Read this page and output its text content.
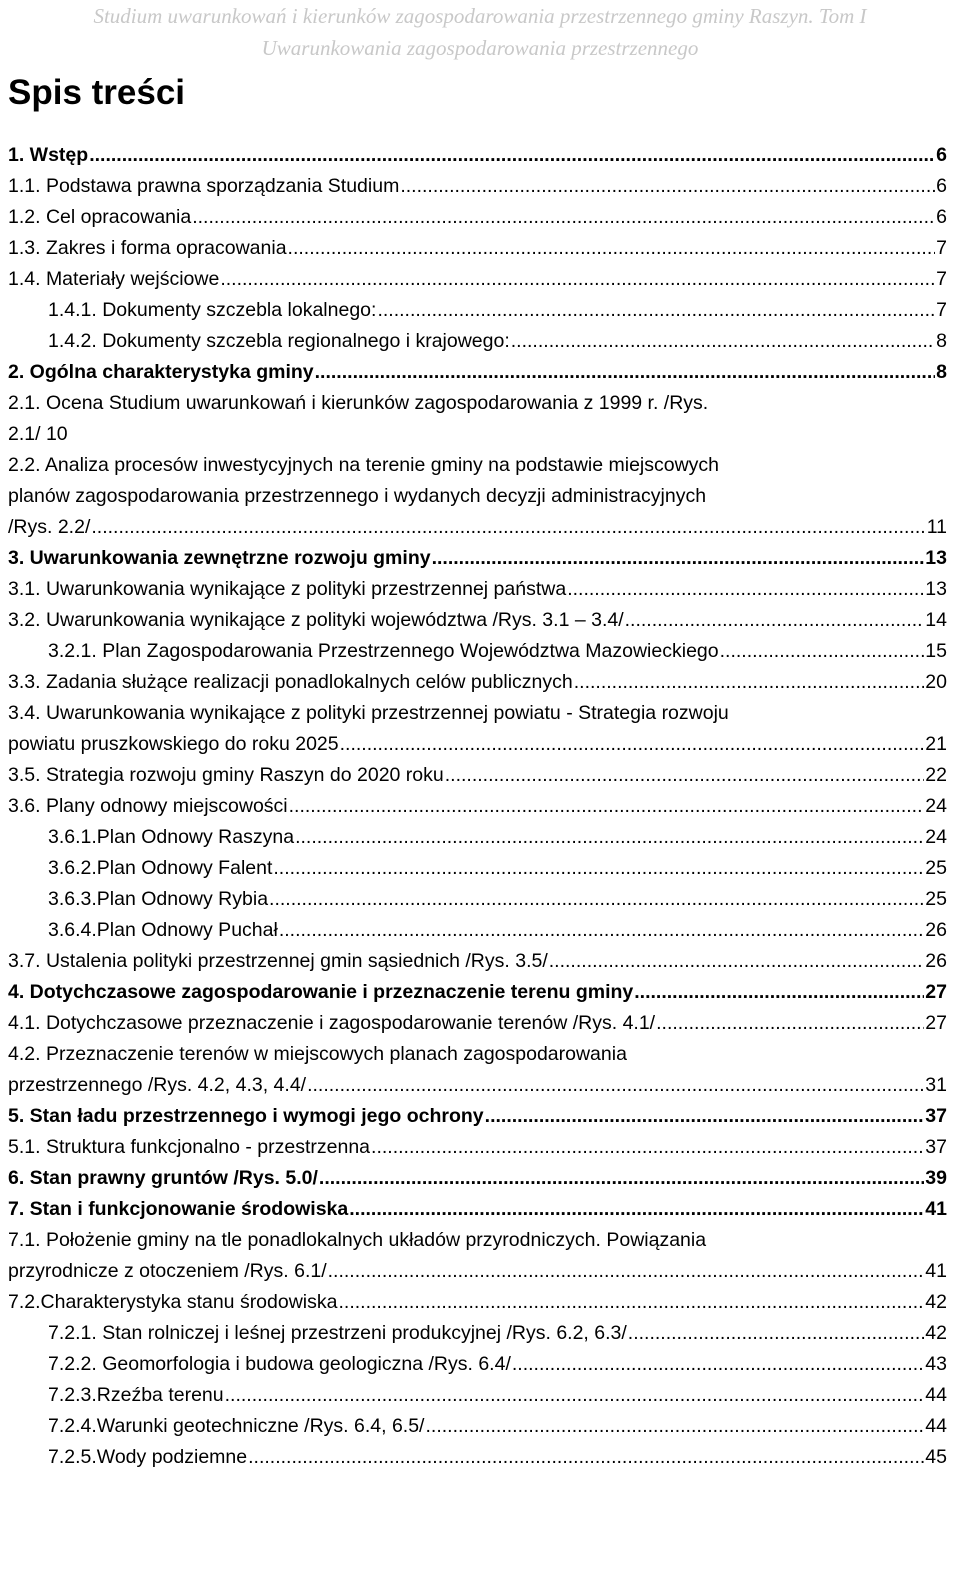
Studium uwarunkowań i kierunków zagospodarowania przestrzennego gminy Raszyn. Tom I
Uwarunkowania zagospodarowania przestrzennego
Spis treści
1. Wstęp .....	6
1.1. Podstawa prawna sporządzania Studium .....	6
1.2. Cel opracowania .....	6
1.3. Zakres i forma opracowania .....	7
1.4. Materiały wejściowe .....	7
1.4.1. Dokumenty szczebla lokalnego: .....	7
1.4.2. Dokumenty szczebla regionalnego i krajowego: .....	8
2. Ogólna charakterystyka gminy .....	8
2.1. Ocena Studium uwarunkowań i kierunków zagospodarowania z 1999 r. /Rys.
2.1/ 10
2.2. Analiza procesów inwestycyjnych na terenie gminy na podstawie miejscowych
planów zagospodarowania przestrzennego i wydanych decyzji administracyjnych
/Rys. 2.2/ .....	11
3. Uwarunkowania zewnętrzne rozwoju gminy .....	13
3.1. Uwarunkowania wynikające z polityki przestrzennej państwa .....	13
3.2. Uwarunkowania wynikające z polityki województwa /Rys. 3.1 – 3.4/ .....	14
3.2.1. Plan Zagospodarowania Przestrzennego Województwa Mazowieckiego .....	15
3.3. Zadania służące realizacji ponadlokalnych celów publicznych .....	20
3.4. Uwarunkowania wynikające z polityki przestrzennej powiatu - Strategia rozwoju
powiatu pruszkowskiego do roku 2025 .....	21
3.5. Strategia rozwoju gminy Raszyn do 2020 roku .....	22
3.6. Plany odnowy miejscowości .....	24
3.6.1.Plan Odnowy Raszyna .....	24
3.6.2.Plan Odnowy Falent .....	25
3.6.3.Plan Odnowy Rybia .....	25
3.6.4.Plan Odnowy Puchał .....	26
3.7. Ustalenia polityki przestrzennej gmin sąsiednich /Rys. 3.5/ .....	26
4. Dotychczasowe zagospodarowanie i przeznaczenie terenu gminy .....	27
4.1. Dotychczasowe przeznaczenie i zagospodarowanie terenów /Rys. 4.1/ .....	27
4.2. Przeznaczenie terenów w miejscowych planach zagospodarowania
przestrzennego /Rys. 4.2, 4.3, 4.4/ .....	31
5. Stan ładu przestrzennego i wymogi jego ochrony .....	37
5.1. Struktura funkcjonalno - przestrzenna .....	37
6. Stan prawny gruntów /Rys. 5.0/ .....	39
7. Stan i funkcjonowanie środowiska .....	41
7.1. Położenie gminy na tle ponadlokalnych układów przyrodniczych. Powiązania
przyrodnicze z otoczeniem /Rys. 6.1/ .....	41
7.2.Charakterystyka stanu środowiska .....	42
7.2.1. Stan rolniczej i leśnej przestrzeni produkcyjnej /Rys. 6.2, 6.3/ .....	42
7.2.2. Geomorfologia i budowa geologiczna /Rys. 6.4/ .....	43
7.2.3.Rzeźba terenu .....	44
7.2.4.Warunki geotechniczne /Rys. 6.4, 6.5/ .....	44
7.2.5.Wody podziemne .....	45
